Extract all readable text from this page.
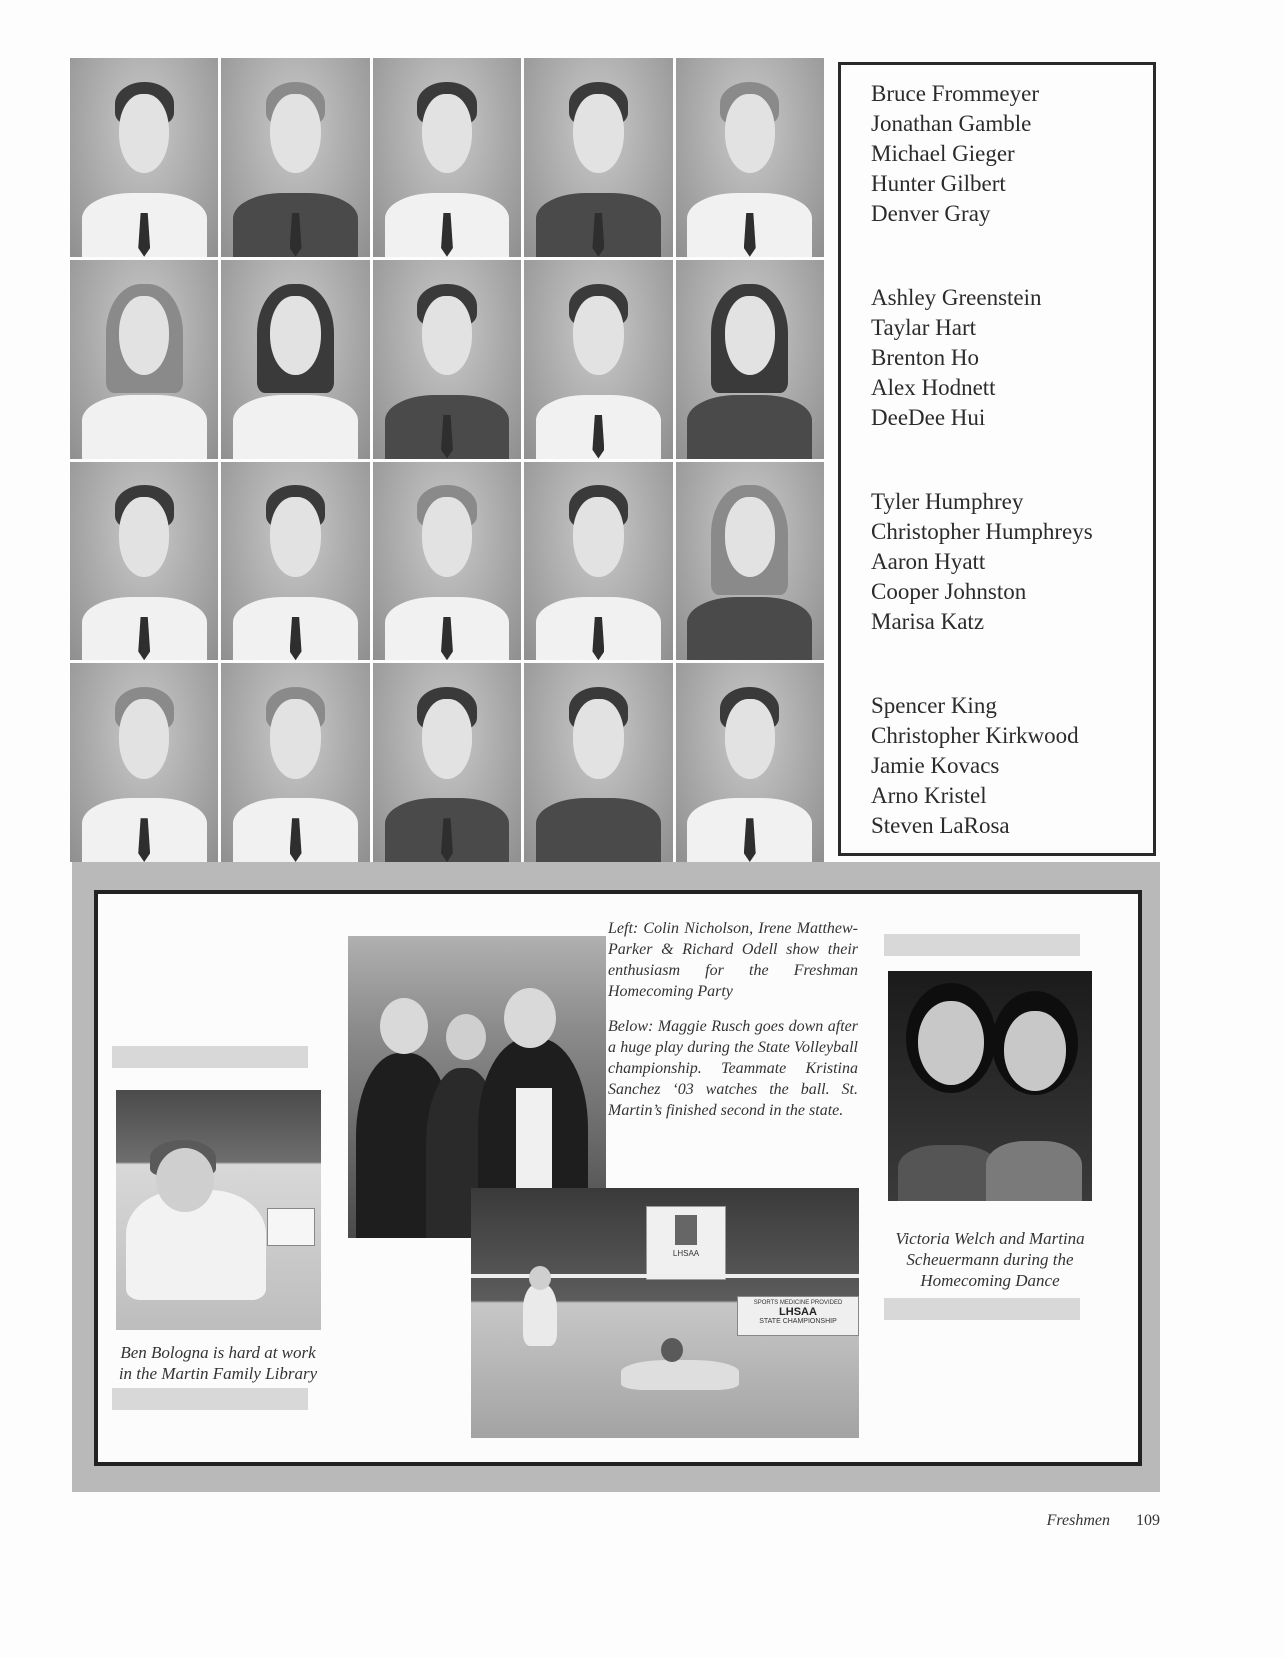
Bruce Frommeyer
Jonathan Gamble
Michael Gieger
Hunter Gilbert
Denver Gray
Ashley Greenstein
Taylar Hart
Brenton Ho
Alex Hodnett
DeeDee Hui
Tyler Humphrey
Christopher Humphreys
Aaron Hyatt
Cooper Johnston
Marisa Katz
Spencer King
Christopher Kirkwood
Jamie Kovacs
Arno Kristel
Steven LaRosa

Left: Colin Nicholson, Irene Matthew-Parker & Richard Odell show their enthusiasm for the Freshman Homecoming Party

Below: Maggie Rusch goes down after a huge play during the State Volleyball championship. Teammate Kristina Sanchez ‘03 watches the ball. St. Martin’s finished second in the state.

Ben Bologna is hard at work in the Martin Family Library
Victoria Welch and Martina Scheuermann during the Homecoming Dance
LHSAA
SPORTS MEDICINE PROVIDED
LHSAA
STATE CHAMPIONSHIP
Freshmen 109
